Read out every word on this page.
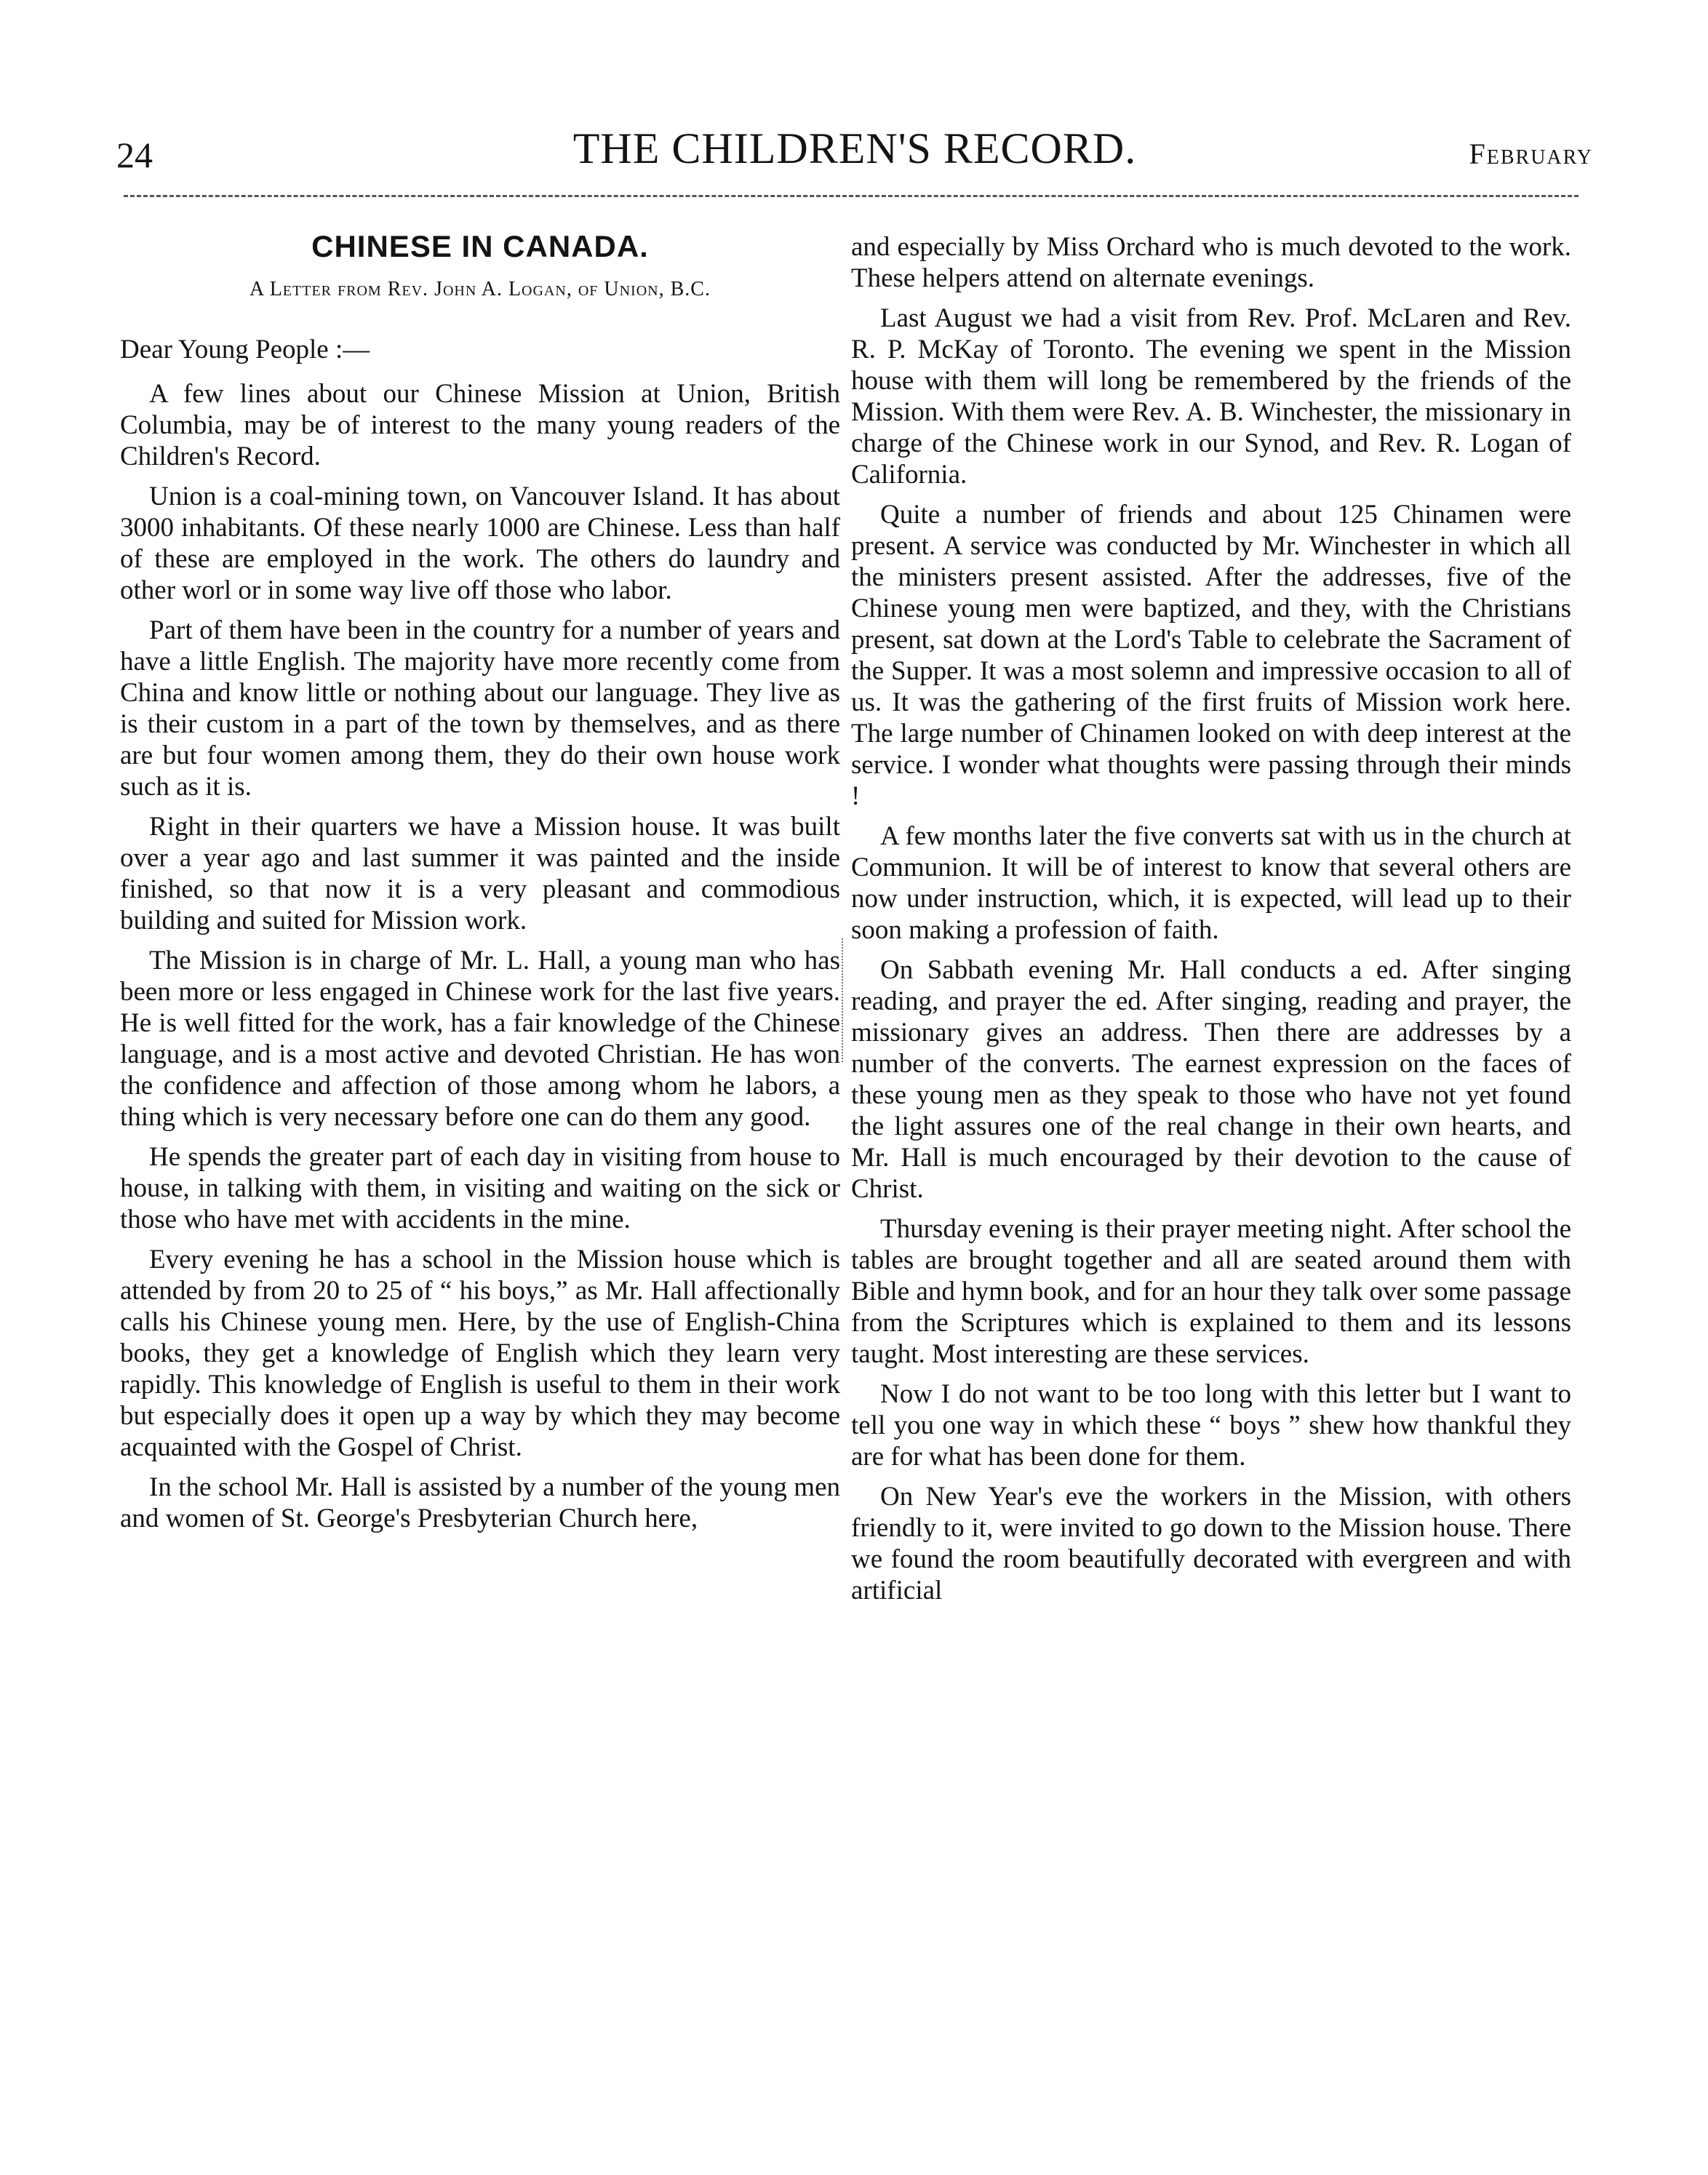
24	THE CHILDREN'S RECORD.	February
CHINESE IN CANADA.
A Letter from Rev. John A. Logan, of Union, B.C.
Dear Young People :—

A few lines about our Chinese Mission at Union, British Columbia, may be of interest to the many young readers of the Children's Record.

Union is a coal-mining town, on Vancouver Island. It has about 3000 inhabitants. Of these nearly 1000 are Chinese. Less than half of these are employed in the work. The others do laundry and other worl or in some way live off those who labor.

Part of them have been in the country for a number of years and have a little English. The majority have more recently come from China and know little or nothing about our language. They live as is their custom in a part of the town by themselves, and as there are but four women among them, they do their own house work such as it is.

Right in their quarters we have a Mission house. It was built over a year ago and last summer it was painted and the inside finished, so that now it is a very pleasant and commodious building and suited for Mission work.

The Mission is in charge of Mr. L. Hall, a young man who has been more or less engaged in Chinese work for the last five years. He is well fitted for the work, has a fair knowledge of the Chinese language, and is a most active and devoted Christian. He has won the confidence and affection of those among whom he labors, a thing which is very necessary before one can do them any good.

He spends the greater part of each day in visiting from house to house, in talking with them, in visiting and waiting on the sick or those who have met with accidents in the mine.

Every evening he has a school in the Mission house which is attended by from 20 to 25 of “ his boys,” as Mr. Hall affectionally calls his Chinese young men. Here, by the use of English-China books, they get a knowledge of English which they learn very rapidly. This knowledge of English is useful to them in their work but especially does it open up a way by which they may become acquainted with the Gospel of Christ.

In the school Mr. Hall is assisted by a number of the young men and women of St. George's Presbyterian Church here,

and especially by Miss Orchard who is much devoted to the work. These helpers attend on alternate evenings.

Last August we had a visit from Rev. Prof. McLaren and Rev. R. P. McKay of Toronto. The evening we spent in the Mission house with them will long be remembered by the friends of the Mission. With them were Rev. A. B. Winchester, the missionary in charge of the Chinese work in our Synod, and Rev. R. Logan of California.

Quite a number of friends and about 125 Chinamen were present. A service was conducted by Mr. Winchester in which all the ministers present assisted. After the addresses, five of the Chinese young men were baptized, and they, with the Christians present, sat down at the Lord's Table to celebrate the Sacrament of the Supper. It was a most solemn and impressive occasion to all of us. It was the gathering of the first fruits of Mission work here. The large number of Chinamen looked on with deep interest at the service. I wonder what thoughts were passing through their minds !

A few months later the five converts sat with us in the church at Communion. It will be of interest to know that several others are now under instruction, which, it is expected, will lead up to their soon making a profession of faith.

On Sabbath evening Mr. Hall conducts a ed. After singing reading, and prayer the ed. After singing, reading and prayer, the missionary gives an address. Then there are addresses by a number of the converts. The earnest expression on the faces of these young men as they speak to those who have not yet found the light assures one of the real change in their own hearts, and Mr. Hall is much encouraged by their devotion to the cause of Christ.

Thursday evening is their prayer meeting night. After school the tables are brought together and all are seated around them with Bible and hymn book, and for an hour they talk over some passage from the Scriptures which is explained to them and its lessons taught. Most interesting are these services.

Now I do not want to be too long with this letter but I want to tell you one way in which these “ boys ” shew how thankful they are for what has been done for them.

On New Year's eve the workers in the Mission, with others friendly to it, were invited to go down to the Mission house. There we found the room beautifully decorated with evergreen and with artificial
